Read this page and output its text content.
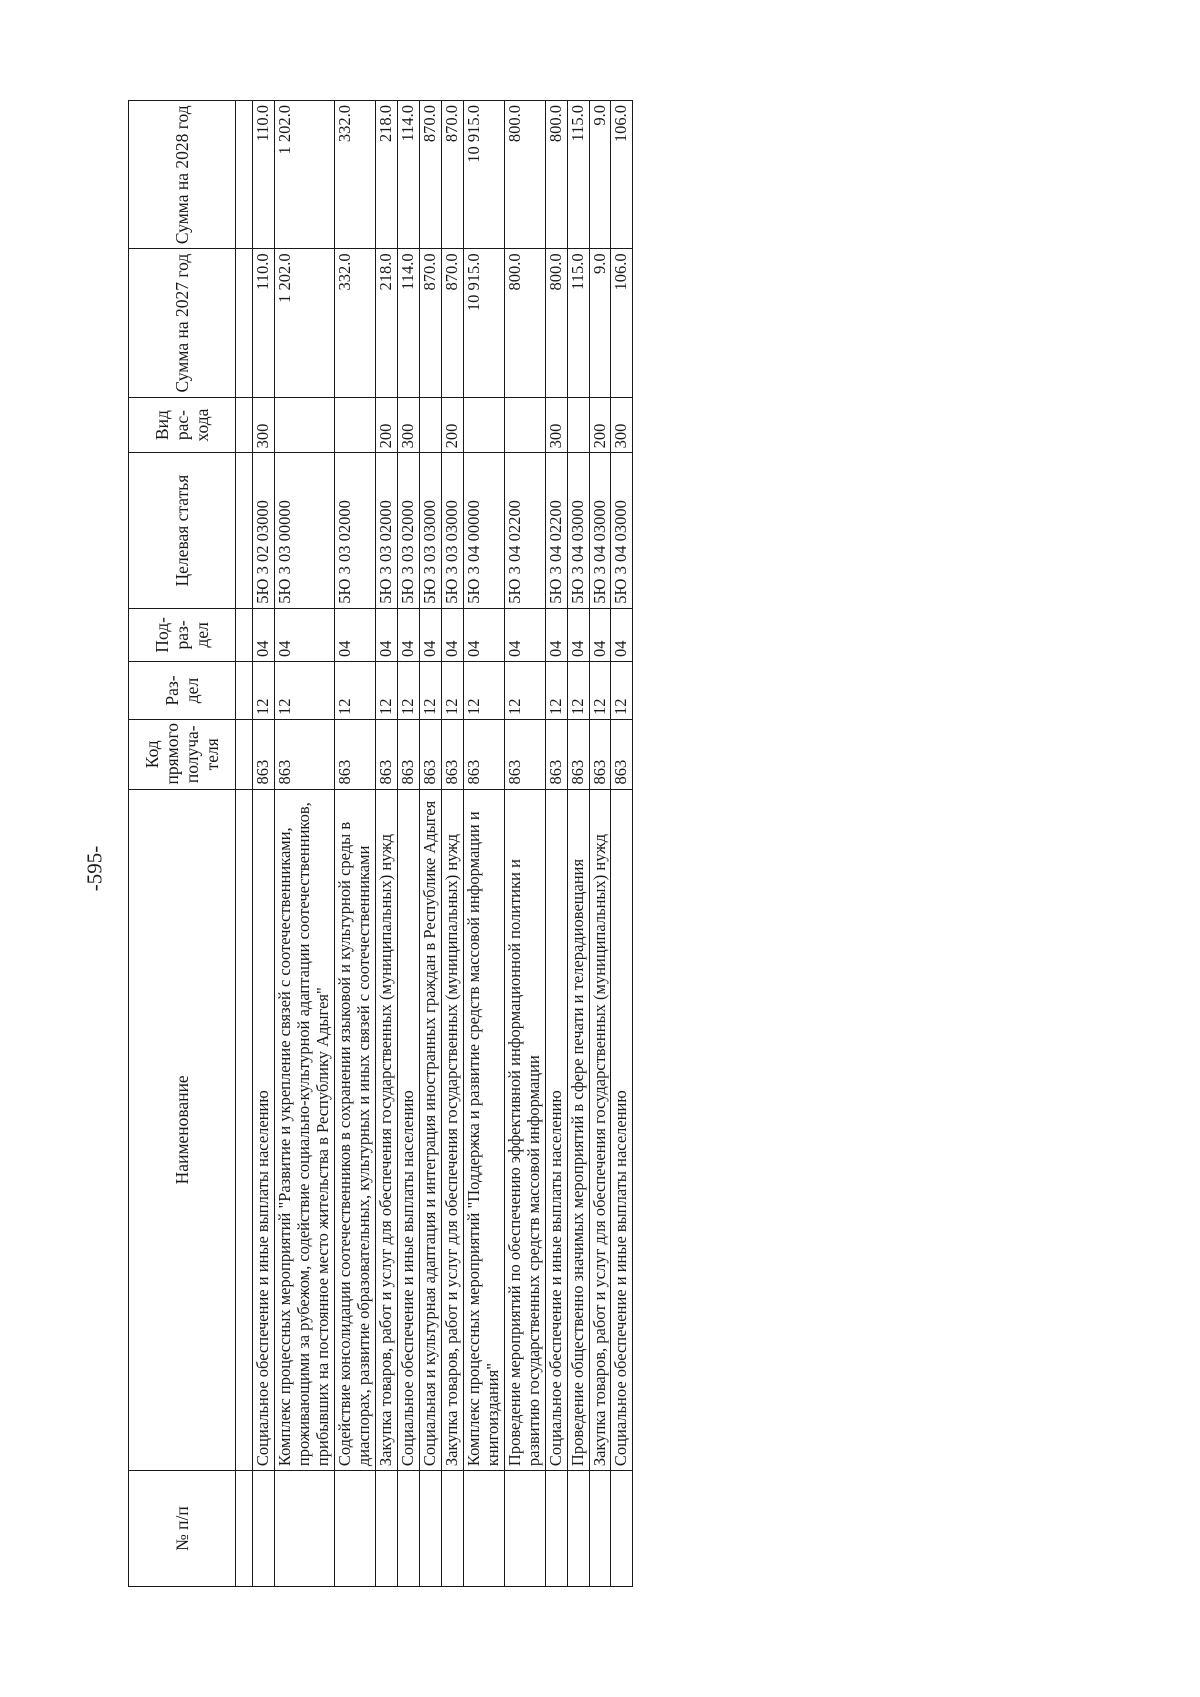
-595-
№ п/п	Наименование	Код прямого получа-теля	Раз-дел	Под-раз-дел	Целевая статья	Вид рас-хода	Сумма на 2027 год	Сумма на 2028 год

	Социальное обеспечение и иные выплаты населению	863	12	04	5Ю 3 02 03000	300	110.0	110.0
	Комплекс процессных мероприятий "Развитие и укрепление связей с соотечественниками, проживающими за рубежом, содействие социально-культурной адаптации соотечественников, прибывших на постоянное место жительства в Республику Адыгея"	863	12	04	5Ю 3 03 00000		1 202.0	1 202.0
	Содействие консолидации соотечественников в сохранении языковой и культурной среды в диаспорах, развитие образовательных, культурных и иных связей с соотечественниками	863	12	04	5Ю 3 03 02000		332.0	332.0
	Закупка товаров, работ и услуг для обеспечения государственных (муниципальных) нужд	863	12	04	5Ю 3 03 02000	200	218.0	218.0
	Социальное обеспечение и иные выплаты населению	863	12	04	5Ю 3 03 02000	300	114.0	114.0
	Социальная и культурная адаптация и интеграция иностранных граждан в Республике Адыгея	863	12	04	5Ю 3 03 03000		870.0	870.0
	Закупка товаров, работ и услуг для обеспечения государственных (муниципальных) нужд	863	12	04	5Ю 3 03 03000	200	870.0	870.0
	Комплекс процессных мероприятий "Поддержка и развитие средств массовой информации и книгоиздания"	863	12	04	5Ю 3 04 00000		10 915.0	10 915.0
	Проведение мероприятий по обеспечению эффективной информационной политики и развитию государственных средств массовой информации	863	12	04	5Ю 3 04 02200		800.0	800.0
	Социальное обеспечение и иные выплаты населению	863	12	04	5Ю 3 04 02200	300	800.0	800.0
	Проведение общественно значимых мероприятий в сфере печати и телерадиовещания	863	12	04	5Ю 3 04 03000		115.0	115.0
	Закупка товаров, работ и услуг для обеспечения государственных (муниципальных) нужд	863	12	04	5Ю 3 04 03000	200	9.0	9.0
	Социальное обеспечение и иные выплаты населению	863	12	04	5Ю 3 04 03000	300	106.0	106.0
